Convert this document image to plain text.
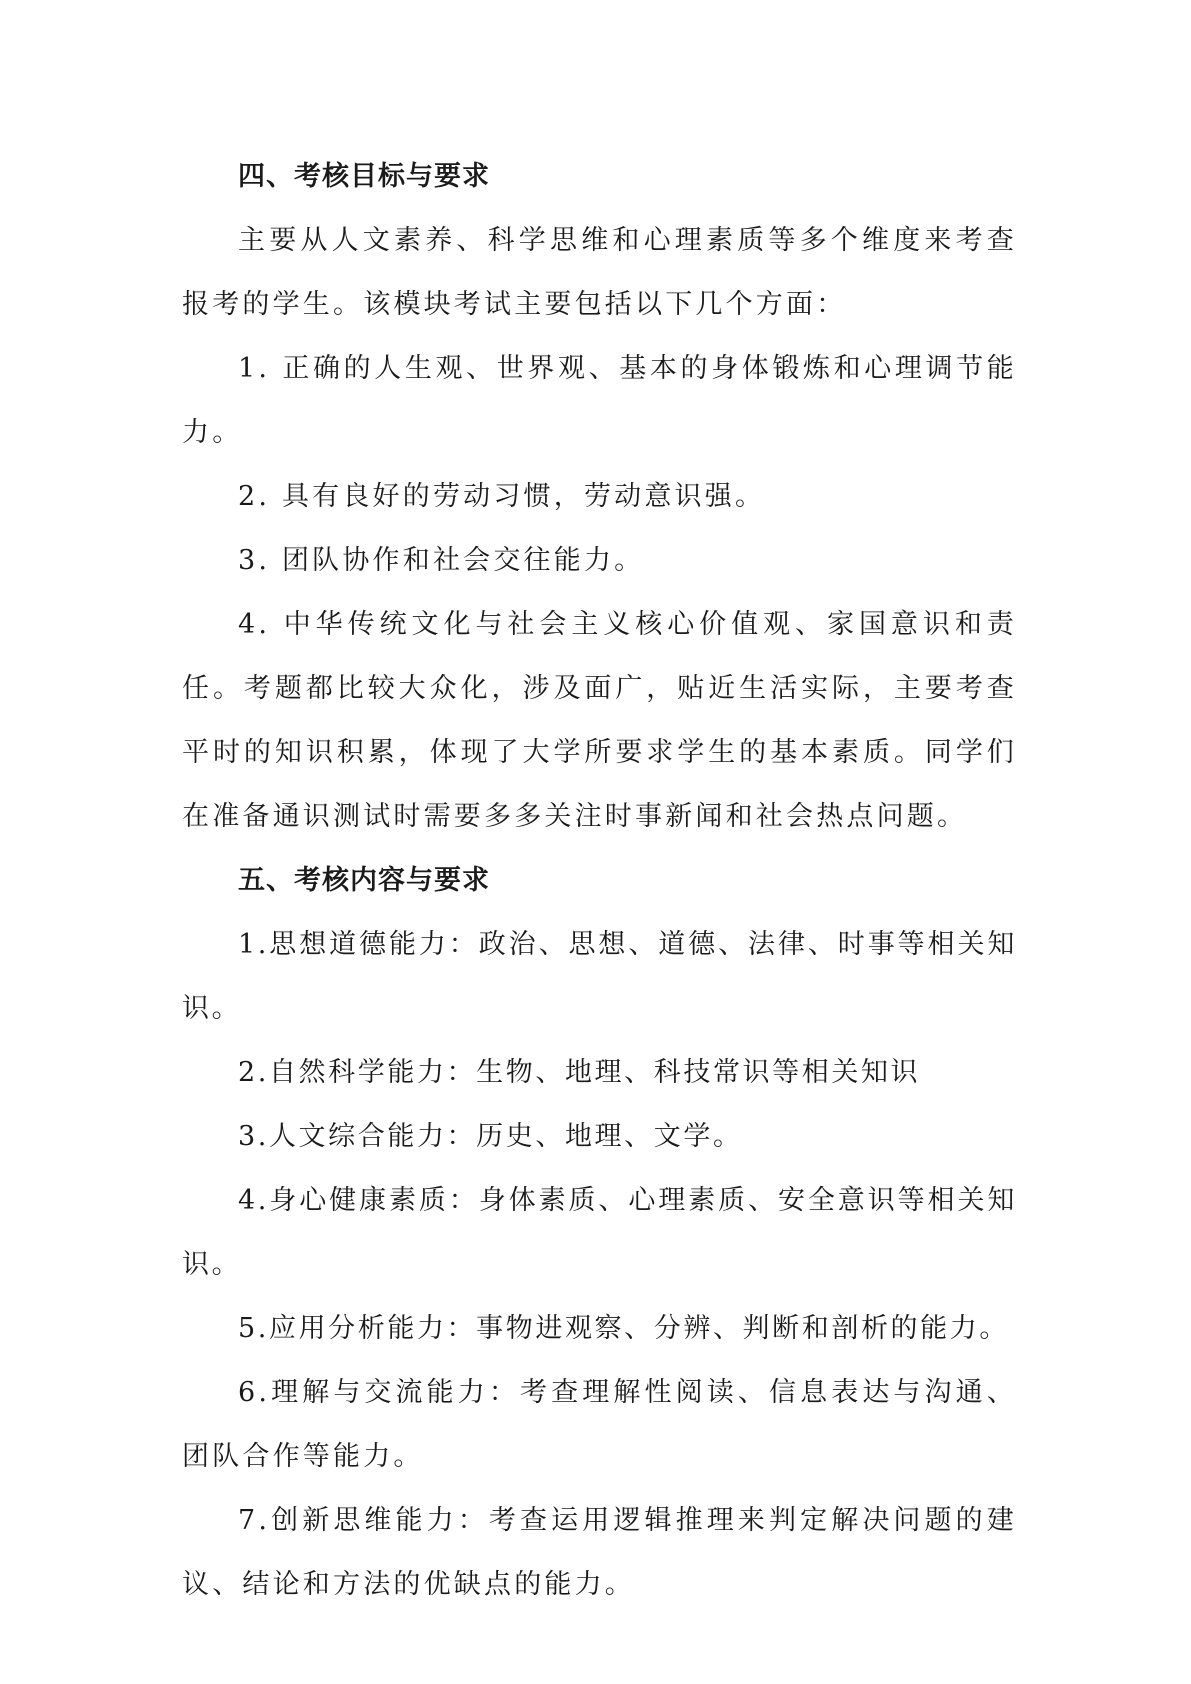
四、考核目标与要求

主要从人文素养、科学思维和心理素质等多个维度来考查报考的学生。该模块考试主要包括以下几个方面：

1. 正确的人生观、世界观、基本的身体锻炼和心理调节能力。

2. 具有良好的劳动习惯，劳动意识强。

3. 团队协作和社会交往能力。

4. 中华传统文化与社会主义核心价值观、家国意识和责任。考题都比较大众化，涉及面广，贴近生活实际，主要考查平时的知识积累，体现了大学所要求学生的基本素质。同学们在准备通识测试时需要多多关注时事新闻和社会热点问题。

五、考核内容与要求

1.思想道德能力：政治、思想、道德、法律、时事等相关知识。

2.自然科学能力：生物、地理、科技常识等相关知识

3.人文综合能力：历史、地理、文学。

4.身心健康素质：身体素质、心理素质、安全意识等相关知识。

5.应用分析能力：事物进观察、分辨、判断和剖析的能力。

6.理解与交流能力：考查理解性阅读、信息表达与沟通、团队合作等能力。

7.创新思维能力：考查运用逻辑推理来判定解决问题的建议、结论和方法的优缺点的能力。
